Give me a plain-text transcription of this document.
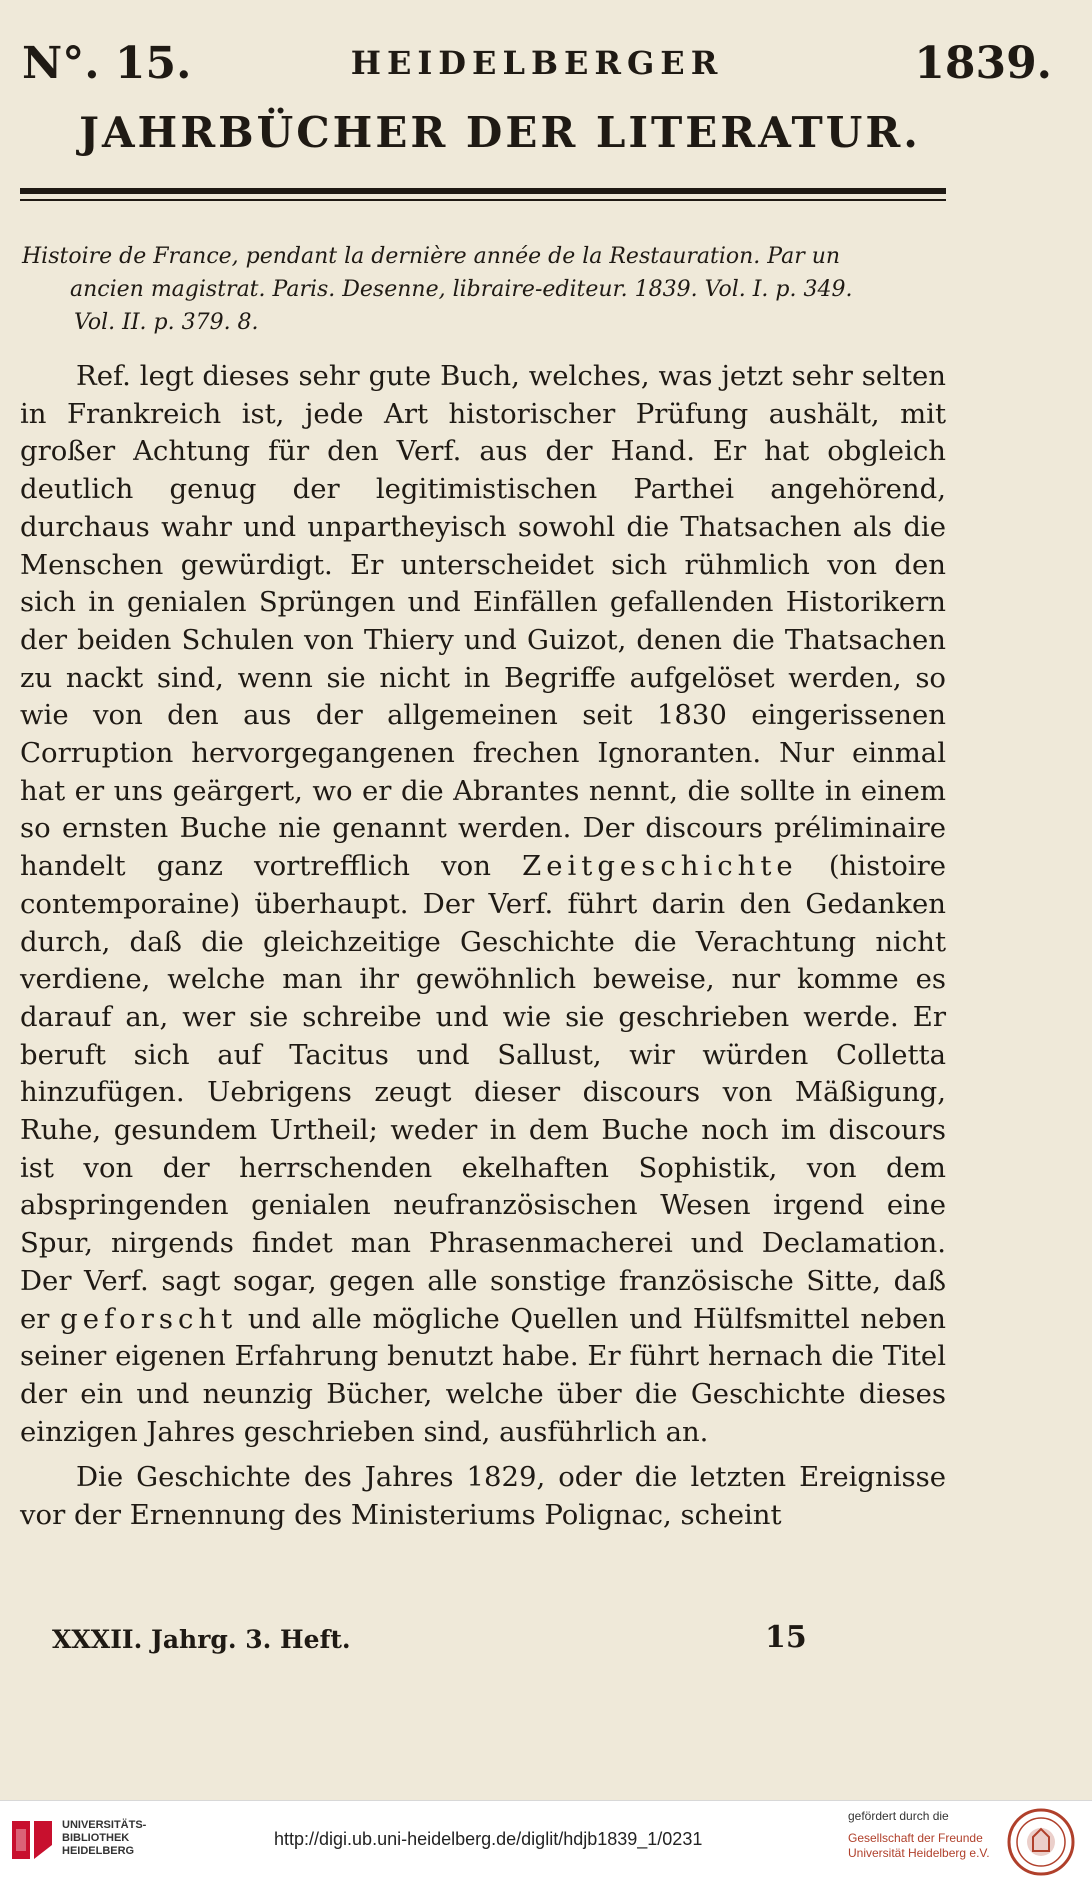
N°. 15.	HEIDELBERGER	1839.
JAHRBÜCHER DER LITERATUR.
Histoire de France, pendant la dernière année de la Restauration. Par un
ancien magistrat. Paris. Desenne, libraire-editeur. 1839. Vol. I. p. 349.
Vol. II. p. 379. 8.

Ref. legt dieses sehr gute Buch, welches, was jetzt sehr selten in Frankreich ist, jede Art historischer Prüfung aushält, mit großer Achtung für den Verf. aus der Hand. Er hat obgleich deutlich genug der legitimistischen Parthei angehörend, durchaus wahr und unpartheyisch sowohl die Thatsachen als die Menschen gewürdigt. Er unterscheidet sich rühmlich von den sich in genialen Sprüngen und Einfällen gefallenden Historikern der beiden Schulen von Thiery und Guizot, denen die Thatsachen zu nackt sind, wenn sie nicht in Begriffe aufgelöset werden, so wie von den aus der allgemeinen seit 1830 eingerissenen Corruption hervorgegangenen frechen Ignoranten. Nur einmal hat er uns geärgert, wo er die Abrantes nennt, die sollte in einem so ernsten Buche nie genannt werden. Der discours préliminaire handelt ganz vortrefflich von Zeitgeschichte (histoire contemporaine) überhaupt. Der Verf. führt darin den Gedanken durch, daß die gleichzeitige Geschichte die Verachtung nicht verdiene, welche man ihr gewöhnlich beweise, nur komme es darauf an, wer sie schreibe und wie sie geschrieben werde. Er beruft sich auf Tacitus und Sallust, wir würden Colletta hinzufügen. Uebrigens zeugt dieser discours von Mäßigung, Ruhe, gesundem Urtheil; weder in dem Buche noch im discours ist von der herrschenden ekelhaften Sophistik, von dem abspringenden genialen neufranzösischen Wesen irgend eine Spur, nirgends findet man Phrasenmacherei und Declamation. Der Verf. sagt sogar, gegen alle sonstige französische Sitte, daß er geforscht und alle mögliche Quellen und Hülfsmittel neben seiner eigenen Erfahrung benutzt habe. Er führt hernach die Titel der ein und neunzig Bücher, welche über die Geschichte dieses einzigen Jahres geschrieben sind, ausführlich an.

Die Geschichte des Jahres 1829, oder die letzten Ereignisse vor der Ernennung des Ministeriums Polignac, scheint

XXXII. Jahrg. 3. Heft.	15
UNIVERSITÄTS-
BIBLIOTHEK
HEIDELBERG
http://digi.ub.uni-heidelberg.de/diglit/hdjb1839_1/0231
gefördert durch die
Gesellschaft der Freunde
Universität Heidelberg e.V.
